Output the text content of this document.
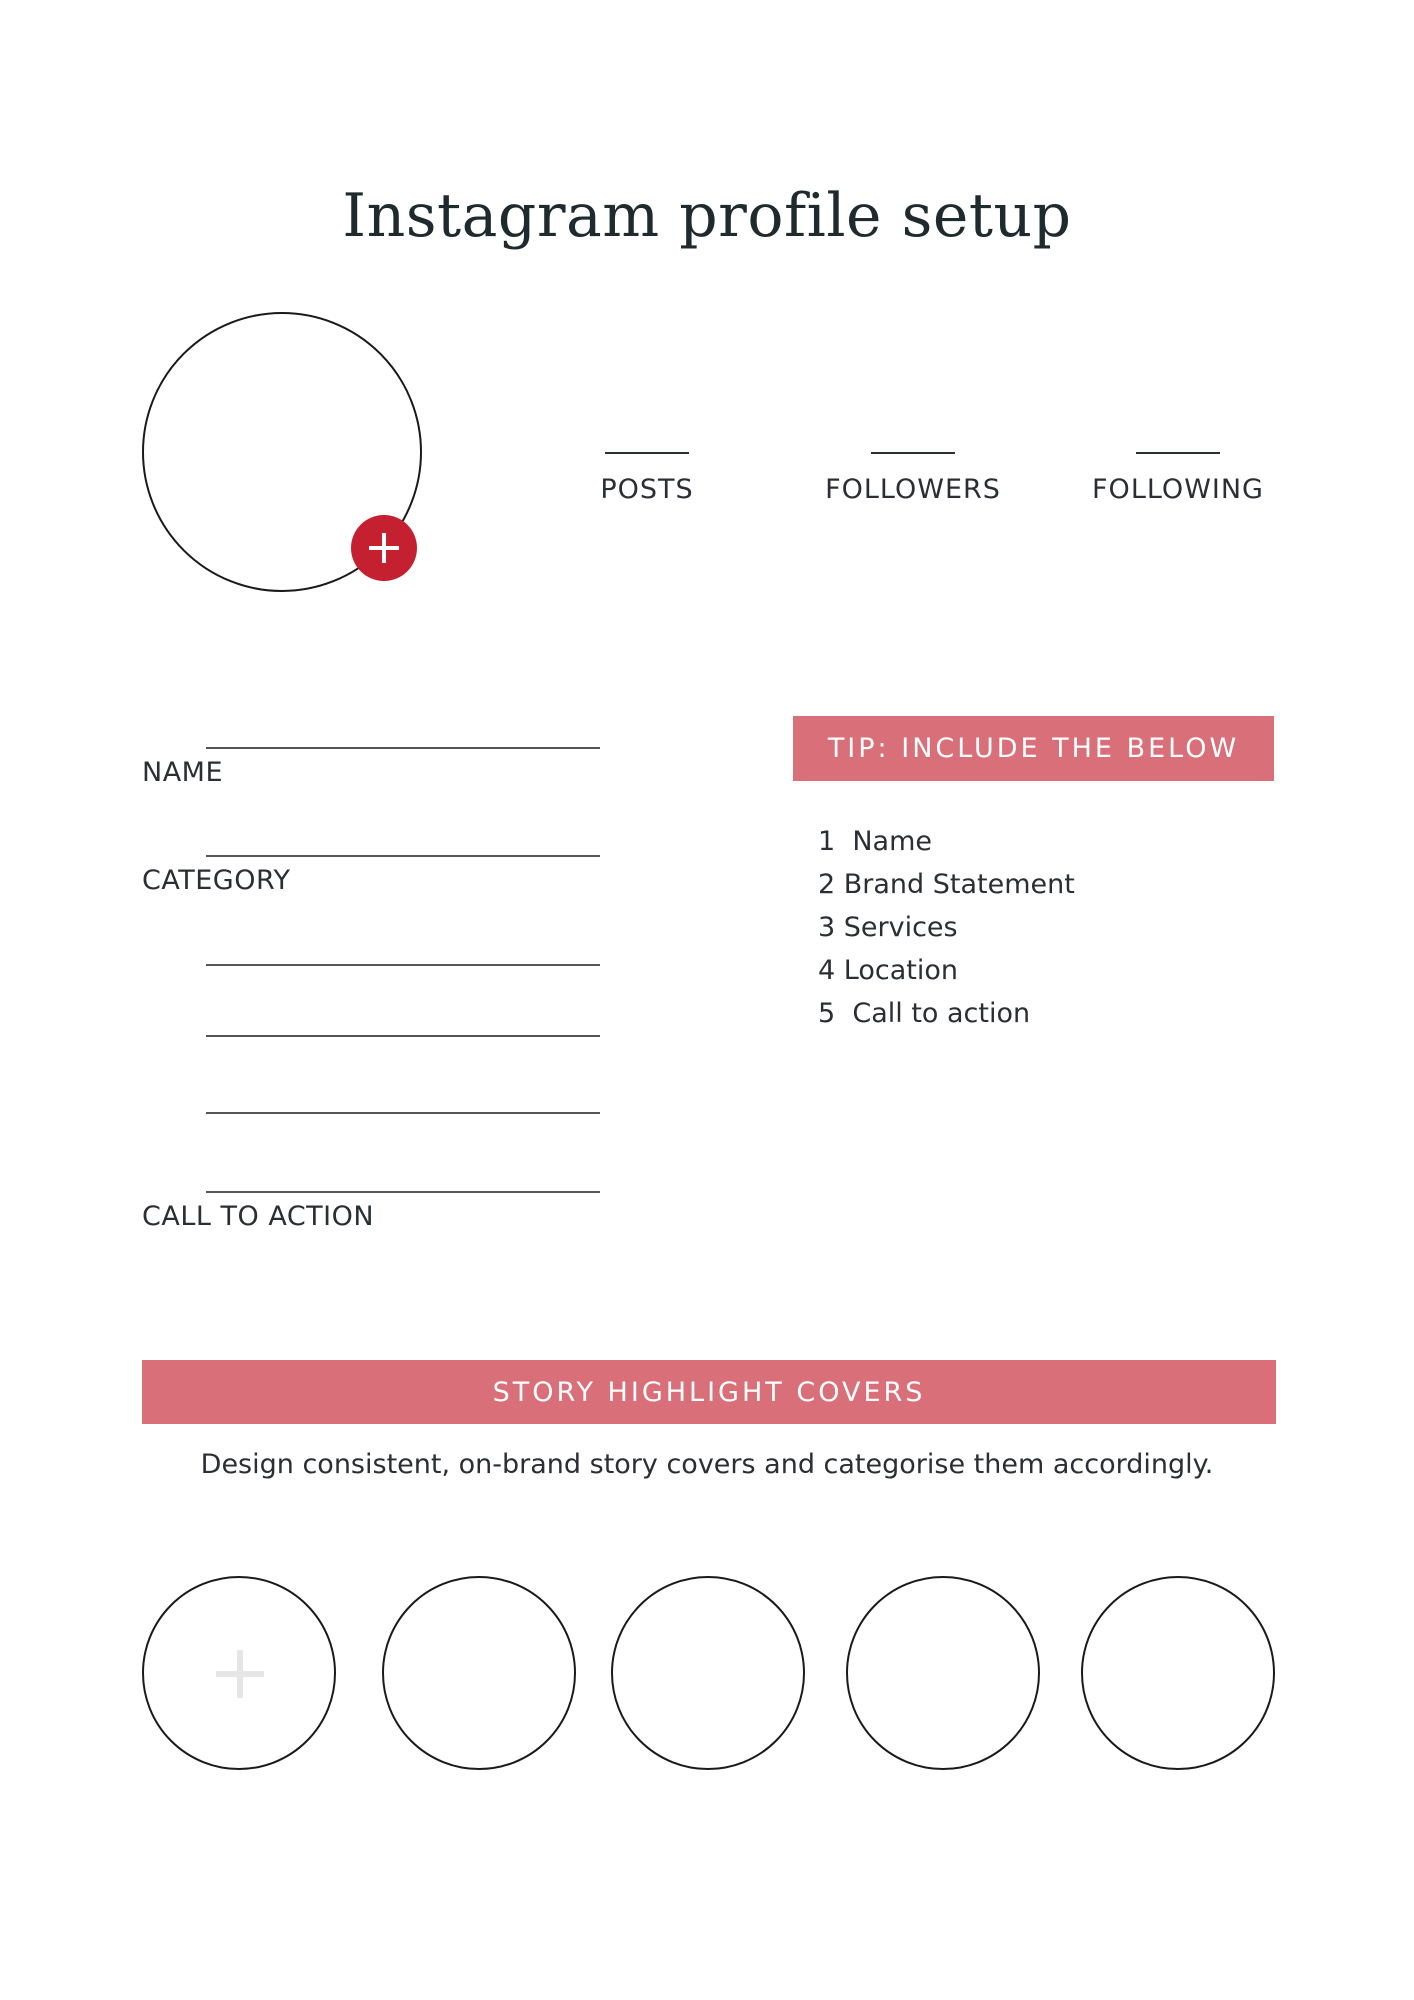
Instagram profile setup
POSTS	FOLLOWERS	FOLLOWING
NAME
CATEGORY
CALL TO ACTION
TIP: INCLUDE THE BELOW
1  Name
2 Brand Statement
3 Services
4 Location
5  Call to action
STORY HIGHLIGHT COVERS
Design consistent, on-brand story covers and categorise them accordingly.
